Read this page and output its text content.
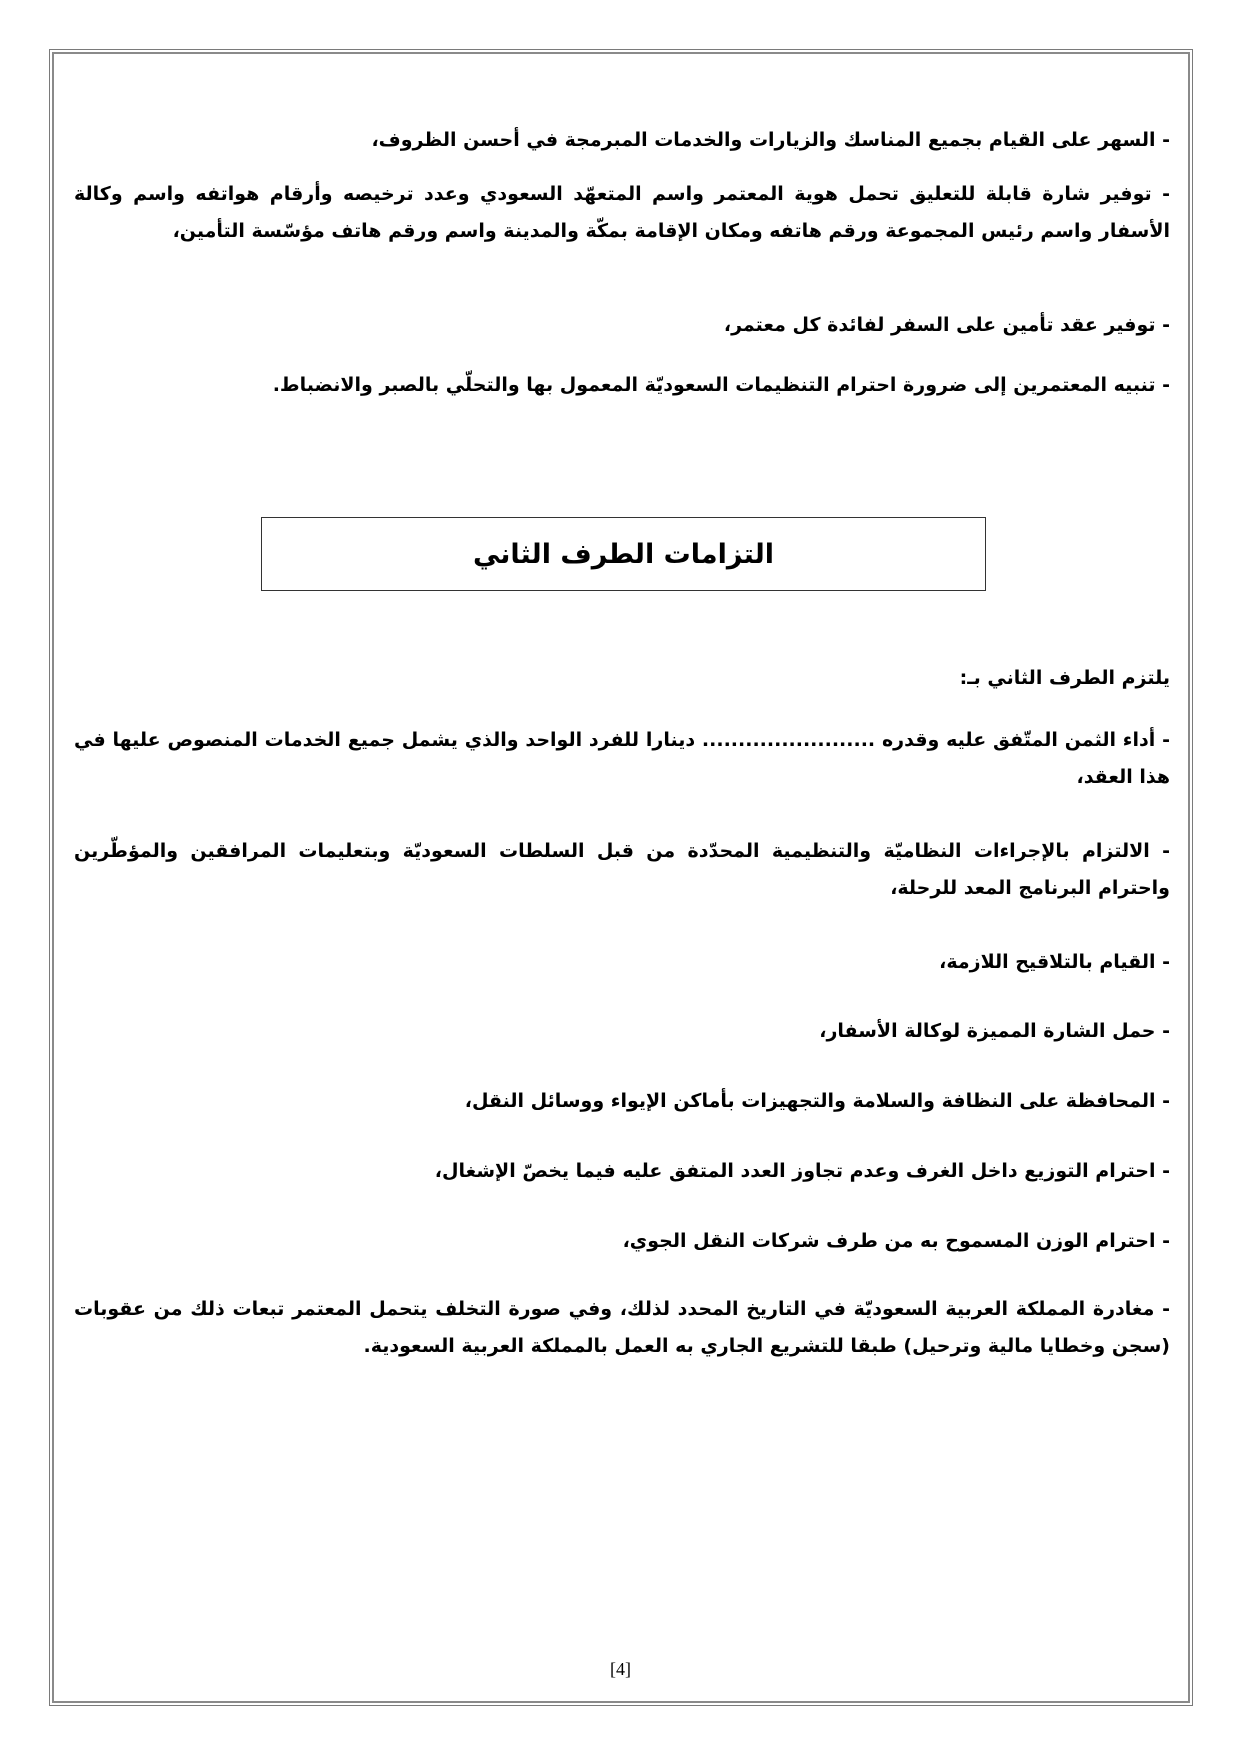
- السهر على القيام بجميع المناسك والزيارات والخدمات المبرمجة في أحسن الظروف،

- توفير شارة قابلة للتعليق تحمل هوية المعتمر واسم المتعهّد السعودي وعدد ترخيصه وأرقام هواتفه واسم وكالة الأسفار واسم رئيس المجموعة ورقم هاتفه ومكان الإقامة بمكّة والمدينة واسم ورقم هاتف مؤسّسة التأمين،

- توفير عقد تأمين على السفر لفائدة كل معتمر،

- تنبيه المعتمرين إلى ضرورة احترام التنظيمات السعوديّة المعمول بها والتحلّي بالصبر والانضباط.

يلتزم الطرف الثاني بـ:

- أداء الثمن المتّفق عليه وقدره ........................ دينارا للفرد الواحد والذي يشمل جميع الخدمات المنصوص عليها في هذا العقد،

- الالتزام بالإجراءات النظاميّة والتنظيمية المحدّدة من قبل السلطات السعوديّة وبتعليمات المرافقين والمؤطّرين واحترام البرنامج المعد للرحلة،

- القيام بالتلاقيح اللازمة،

- حمل الشارة المميزة لوكالة الأسفار،

- المحافظة على النظافة والسلامة والتجهيزات بأماكن الإيواء ووسائل النقل،

- احترام التوزيع داخل الغرف وعدم تجاوز العدد المتفق عليه فيما يخصّ الإشغال،

- احترام الوزن المسموح به من طرف شركات النقل الجوي،

- مغادرة المملكة العربية السعوديّة في التاريخ المحدد لذلك، وفي صورة التخلف يتحمل المعتمر تبعات ذلك من عقوبات (سجن وخطايا مالية وترحيل) طبقا للتشريع الجاري به العمل بالمملكة العربية السعودية.

التزامات الطرف الثاني
[4]
